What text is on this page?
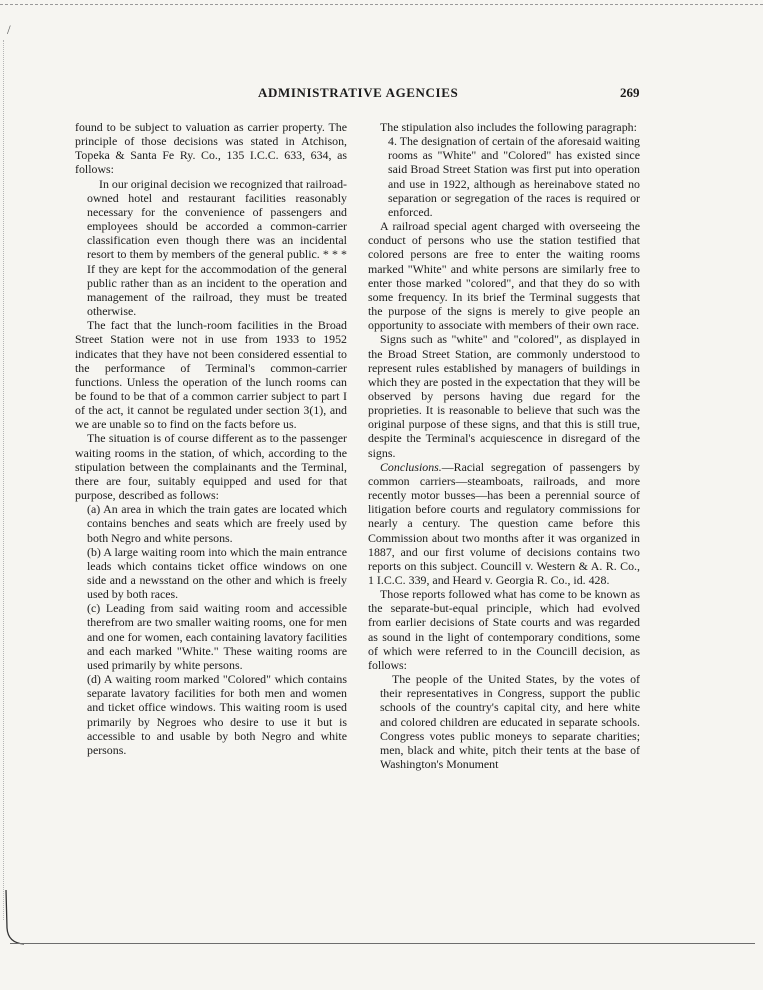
/
ADMINISTRATIVE AGENCIES	269

found to be subject to valuation as carrier property. The principle of those decisions was stated in Atchison, Topeka & Santa Fe Ry. Co., 135 I.C.C. 633, 634, as follows:

In our original decision we recognized that railroad-owned hotel and restaurant facilities reasonably necessary for the convenience of passengers and employees should be accorded a common-carrier classification even though there was an incidental resort to them by members of the general public. * * * If they are kept for the accommodation of the general public rather than as an incident to the operation and management of the railroad, they must be treated otherwise.

The fact that the lunch-room facilities in the Broad Street Station were not in use from 1933 to 1952 indicates that they have not been considered essential to the performance of Terminal's common-carrier functions. Unless the operation of the lunch rooms can be found to be that of a common carrier subject to part I of the act, it cannot be regulated under section 3(1), and we are unable so to find on the facts before us.

The situation is of course different as to the passenger waiting rooms in the station, of which, according to the stipulation between the complainants and the Terminal, there are four, suitably equipped and used for that purpose, described as follows:

(a) An area in which the train gates are located which contains benches and seats which are freely used by both Negro and white persons.

(b) A large waiting room into which the main entrance leads which contains ticket office windows on one side and a newsstand on the other and which is freely used by both races.

(c) Leading from said waiting room and accessible therefrom are two smaller waiting rooms, one for men and one for women, each containing lavatory facilities and each marked "White." These waiting rooms are used primarily by white persons.

(d) A waiting room marked "Colored" which contains separate lavatory facilities for both men and women and ticket office windows. This waiting room is used primarily by Negroes who desire to use it but is accessible to and usable by both Negro and white persons.

The stipulation also includes the following paragraph:

4. The designation of certain of the aforesaid waiting rooms as "White" and "Colored" has existed since said Broad Street Station was first put into operation and use in 1922, although as hereinabove stated no separation or segregation of the races is required or enforced.

A railroad special agent charged with overseeing the conduct of persons who use the station testified that colored persons are free to enter the waiting rooms marked "White" and white persons are similarly free to enter those marked "colored", and that they do so with some frequency. In its brief the Terminal suggests that the purpose of the signs is merely to give people an opportunity to associate with members of their own race.

Signs such as "white" and "colored", as displayed in the Broad Street Station, are commonly understood to represent rules established by managers of buildings in which they are posted in the expectation that they will be observed by persons having due regard for the proprieties. It is reasonable to believe that such was the original purpose of these signs, and that this is still true, despite the Terminal's acquiescence in disregard of the signs.

Conclusions.—Racial segregation of passengers by common carriers—steamboats, railroads, and more recently motor busses—has been a perennial source of litigation before courts and regulatory commissions for nearly a century. The question came before this Commission about two months after it was organized in 1887, and our first volume of decisions contains two reports on this subject. Councill v. Western & A. R. Co., 1 I.C.C. 339, and Heard v. Georgia R. Co., id. 428.

Those reports followed what has come to be known as the separate-but-equal principle, which had evolved from earlier decisions of State courts and was regarded as sound in the light of contemporary conditions, some of which were referred to in the Councill decision, as follows:

The people of the United States, by the votes of their representatives in Congress, support the public schools of the country's capital city, and here white and colored children are educated in separate schools. Congress votes public moneys to separate charities; men, black and white, pitch their tents at the base of Washington's Monument
